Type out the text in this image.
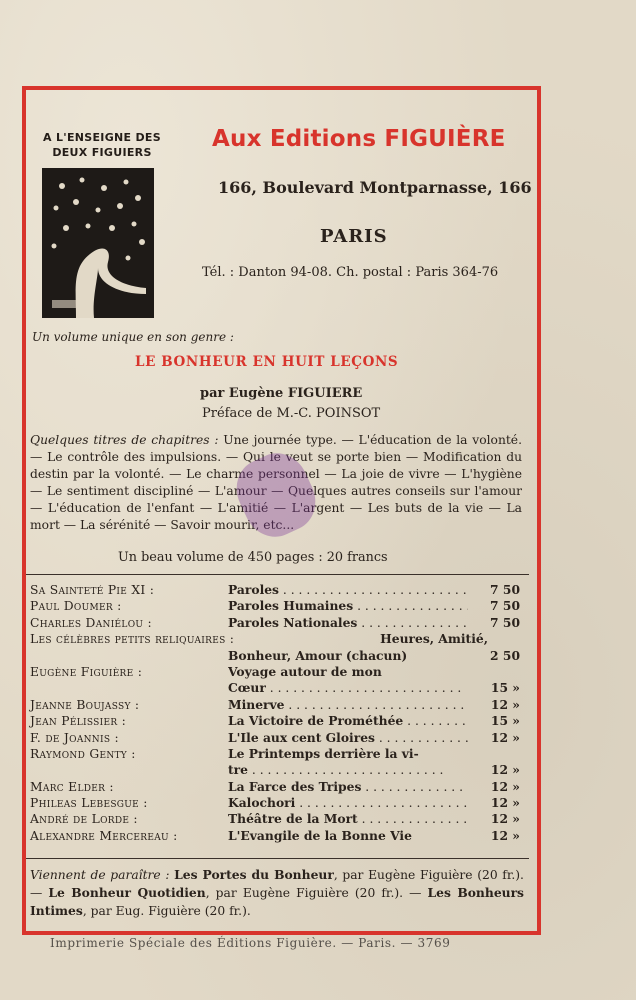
A L'ENSEIGNE DES
DEUX FIGUIERS
Aux Editions FIGUIÈRE
166, Boulevard Montparnasse, 166
PARIS
Tél. : Danton 94-08. Ch. postal : Paris 364-76
Un volume unique en son genre :
LE BONHEUR EN HUIT LEÇONS
par Eugène FIGUIERE
Préface de M.-C. POINSOT
Quelques titres de chapitres : Une journée type. — L'éducation de la volonté. — Le contrôle des impulsions. — Qui le veut se porte bien — Modification du destin par la volonté. — Le charme personnel — La joie de vivre — L'hygiène — Le sentiment discipliné — L'amour — Quelques autres conseils sur l'amour — L'éducation de l'enfant — L'amitié — L'argent — Les buts de la vie — La mort — La sérénité — Savoir mourir, etc...
Un beau volume de 450 pages : 20 francs
Sa Sainteté Pie XI :	Paroles . . .	7 50
Paul Doumer :	Paroles Humaines . . .	7 50
Charles Daniélou :	Paroles Nationales . . .	7 50
Les célèbres petits reliquaires :	Heures, Amitié,
Bonheur, Amour (chacun)	2 50
Eugène Figuière :	Voyage autour de mon
Cœur . . .	15 »
Jeanne Boujassy :	Minerve . . .	12 »
Jean Pélissier :	La Victoire de Prométhée . . .	15 »
F. de Joannis :	L'Ile aux cent Gloires . . .	12 »
Raymond Genty :	Le Printemps derrière la vi-
tre . . .	12 »
Marc Elder :	La Farce des Tripes . . .	12 »
Phileas Lebesgue :	Kalochori . . .	12 »
André de Lorde :	Théâtre de la Mort . . .	12 »
Alexandre Mercereau :	L'Evangile de la Bonne Vie	12 »
Viennent de paraître : Les Portes du Bonheur, par Eugène Figuière (20 fr.). — Le Bonheur Quotidien, par Eugène Figuière (20 fr.). — Les Bonheurs Intimes, par Eug. Figuière (20 fr.).
Imprimerie Spéciale des Éditions Figuière. — Paris. — 3769
